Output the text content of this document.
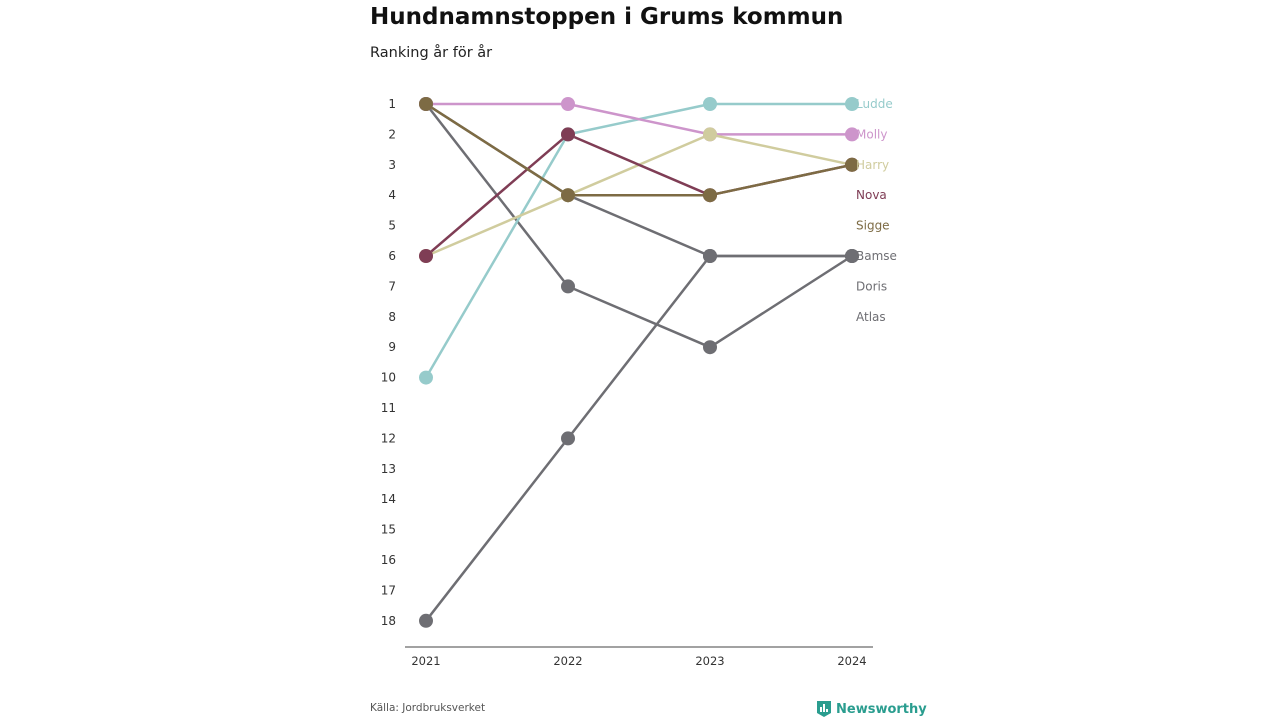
Hundnamnstoppen i Grums kommun
Ranking år för år
1
2
3
4
5
6
7
8
9
10
11
12
13
14
15
16
17
18
2021	2022	2023	2024
Ludde
Molly
Harry
Nova
Sigge
Bamse
Doris
Atlas
Källa: Jordbruksverket	Newsworthy
